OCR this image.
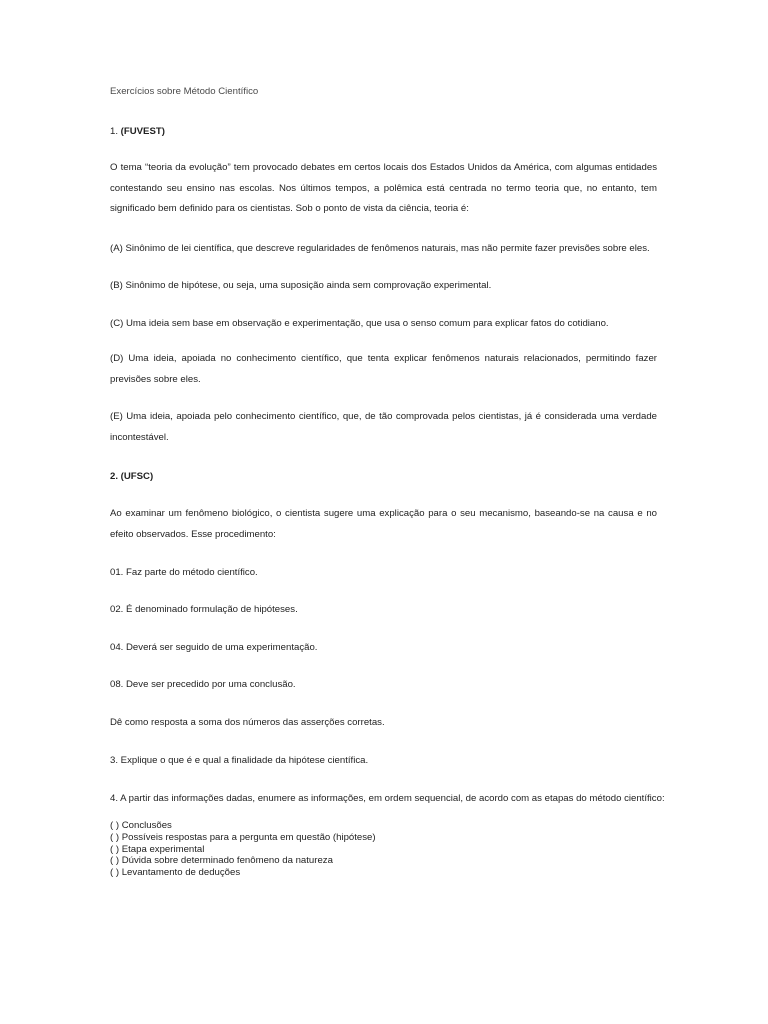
Exercícios sobre Método Científico

1. (FUVEST)

O tema “teoria da evolução” tem provocado debates em certos locais dos Estados Unidos da América, com algumas entidades contestando seu ensino nas escolas. Nos últimos tempos, a polêmica está centrada no termo teoria que, no entanto, tem significado bem definido para os cientistas. Sob o ponto de vista da ciência, teoria é:

(A) Sinônimo de lei científica, que descreve regularidades de fenômenos naturais, mas não permite fazer previsões sobre eles.

(B) Sinônimo de hipótese, ou seja, uma suposição ainda sem comprovação experimental.

(C) Uma ideia sem base em observação e experimentação, que usa o senso comum para explicar fatos do cotidiano.

(D) Uma ideia, apoiada no conhecimento científico, que tenta explicar fenômenos naturais relacionados, permitindo fazer previsões sobre eles.

(E) Uma ideia, apoiada pelo conhecimento científico, que, de tão comprovada pelos cientistas, já é considerada uma verdade incontestável.

2. (UFSC)

Ao examinar um fenômeno biológico, o cientista sugere uma explicação para o seu mecanismo, baseando-se na causa e no efeito observados. Esse procedimento:

01. Faz parte do método científico.

02. É denominado formulação de hipóteses.

04. Deverá ser seguido de uma experimentação.

08. Deve ser precedido por uma conclusão.

Dê como resposta a soma dos números das asserções corretas.

3. Explique o que é e qual a finalidade da hipótese científica.

4. A partir das informações dadas, enumere as informações, em ordem sequencial, de acordo com as etapas do método científico:

( ) Conclusões
( ) Possíveis respostas para a pergunta em questão (hipótese)
( ) Etapa experimental
( ) Dúvida sobre determinado fenômeno da natureza
( ) Levantamento de deduções
